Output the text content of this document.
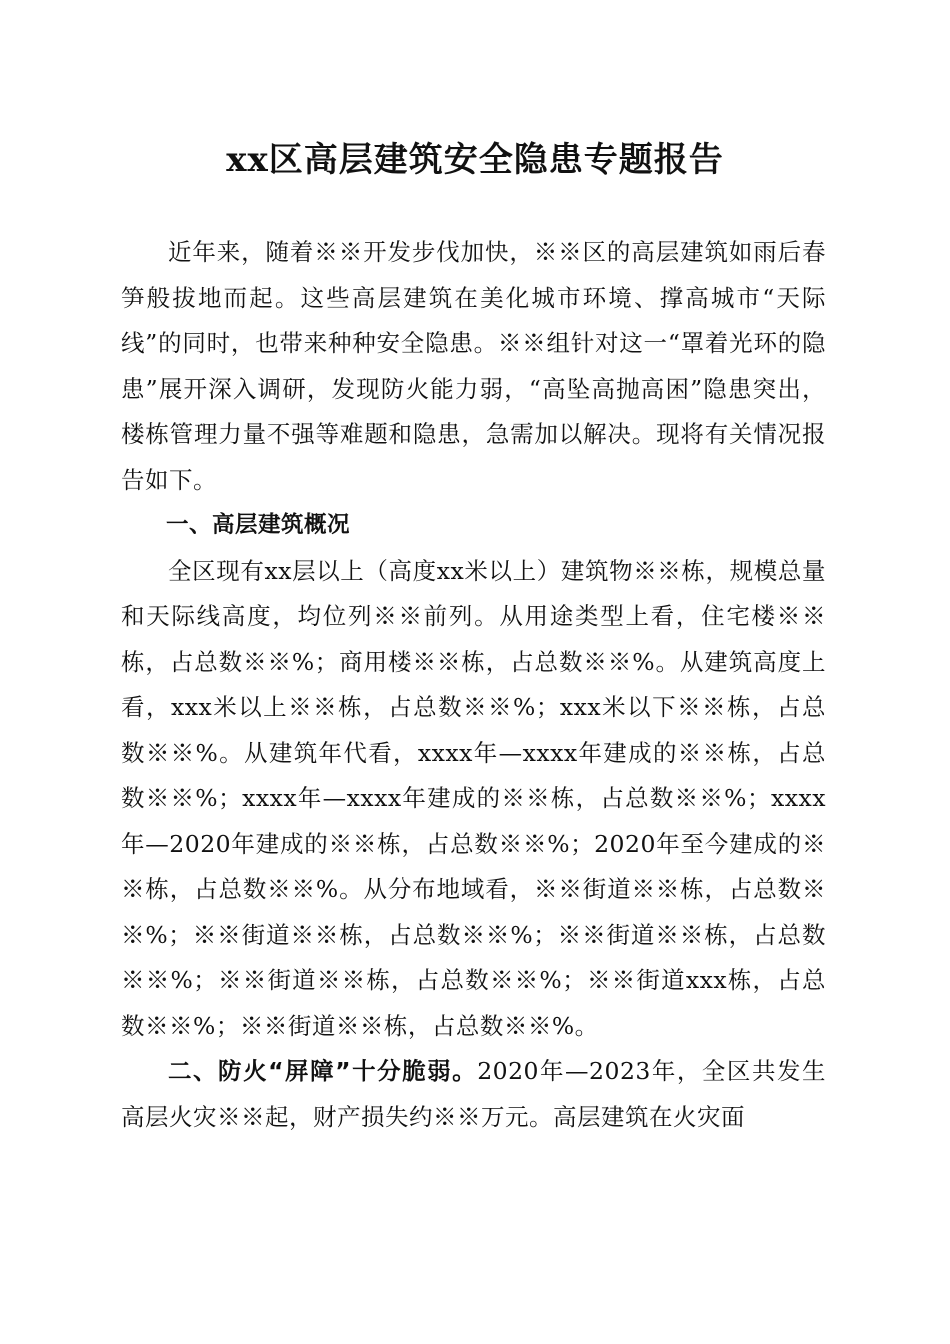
xx区高层建筑安全隐患专题报告

近年来，随着※※开发步伐加快，※※区的高层建筑如雨后春笋般拔地而起。这些高层建筑在美化城市环境、撑高城市“天际线”的同时，也带来种种安全隐患。※※组针对这一“罩着光环的隐患”展开深入调研，发现防火能力弱，“高坠高抛高困”隐患突出，楼栋管理力量不强等难题和隐患，急需加以解决。现将有关情况报告如下。

一、高层建筑概况

全区现有xx层以上（高度xx米以上）建筑物※※栋，规模总量和天际线高度，均位列※※前列。从用途类型上看，住宅楼※※栋，占总数※※%；商用楼※※栋，占总数※※%。从建筑高度上看，xxx米以上※※栋，占总数※※%；xxx米以下※※栋，占总数※※%。从建筑年代看，xxxx年—xxxx年建成的※※栋，占总数※※%；xxxx年—xxxx年建成的※※栋，占总数※※%；xxxx年—2020年建成的※※栋，占总数※※%；2020年至今建成的※※栋，占总数※※%。从分布地域看，※※街道※※栋，占总数※※%；※※街道※※栋，占总数※※%；※※街道※※栋，占总数※※%；※※街道※※栋，占总数※※%；※※街道xxx栋，占总数※※%；※※街道※※栋，占总数※※%。

二、防火“屏障”十分脆弱。2020年—2023年，全区共发生高层火灾※※起，财产损失约※※万元。高层建筑在火灾面
